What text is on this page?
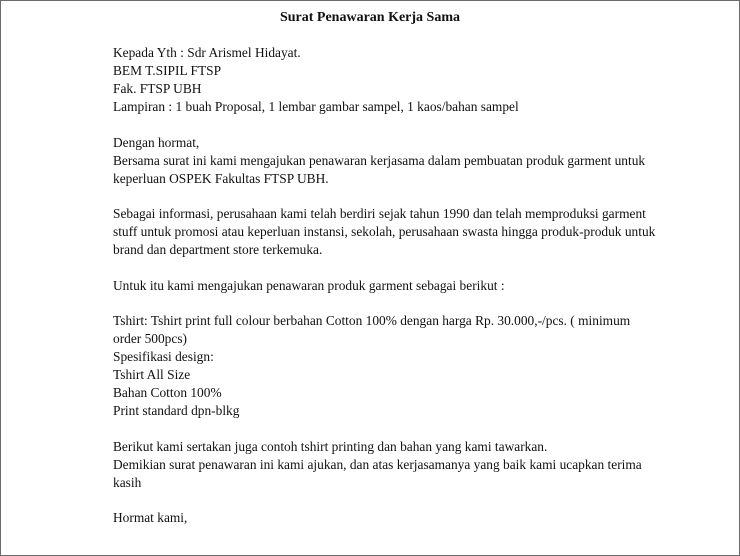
Surat Penawaran Kerja Sama
Kepada Yth : Sdr Arismel Hidayat.
BEM T.SIPIL FTSP
Fak. FTSP UBH
Lampiran : 1 buah Proposal, 1 lembar gambar sampel, 1 kaos/bahan sampel
Dengan hormat,
Bersama surat ini kami mengajukan penawaran kerjasama dalam pembuatan produk garment untuk
keperluan OSPEK Fakultas FTSP UBH.
Sebagai informasi, perusahaan kami telah berdiri sejak tahun 1990 dan telah memproduksi garment
stuff untuk promosi atau keperluan instansi, sekolah, perusahaan swasta hingga produk-produk untuk
brand dan department store terkemuka.
Untuk itu kami mengajukan penawaran produk garment sebagai berikut :
Tshirt: Tshirt print full colour berbahan Cotton 100% dengan harga Rp. 30.000,-/pcs. ( minimum
order 500pcs)
Spesifikasi design:
Tshirt All Size
Bahan Cotton 100%
Print standard dpn-blkg
Berikut kami sertakan juga contoh tshirt printing dan bahan yang kami tawarkan.
Demikian surat penawaran ini kami ajukan, dan atas kerjasamanya yang baik kami ucapkan terima
kasih
Hormat kami,
